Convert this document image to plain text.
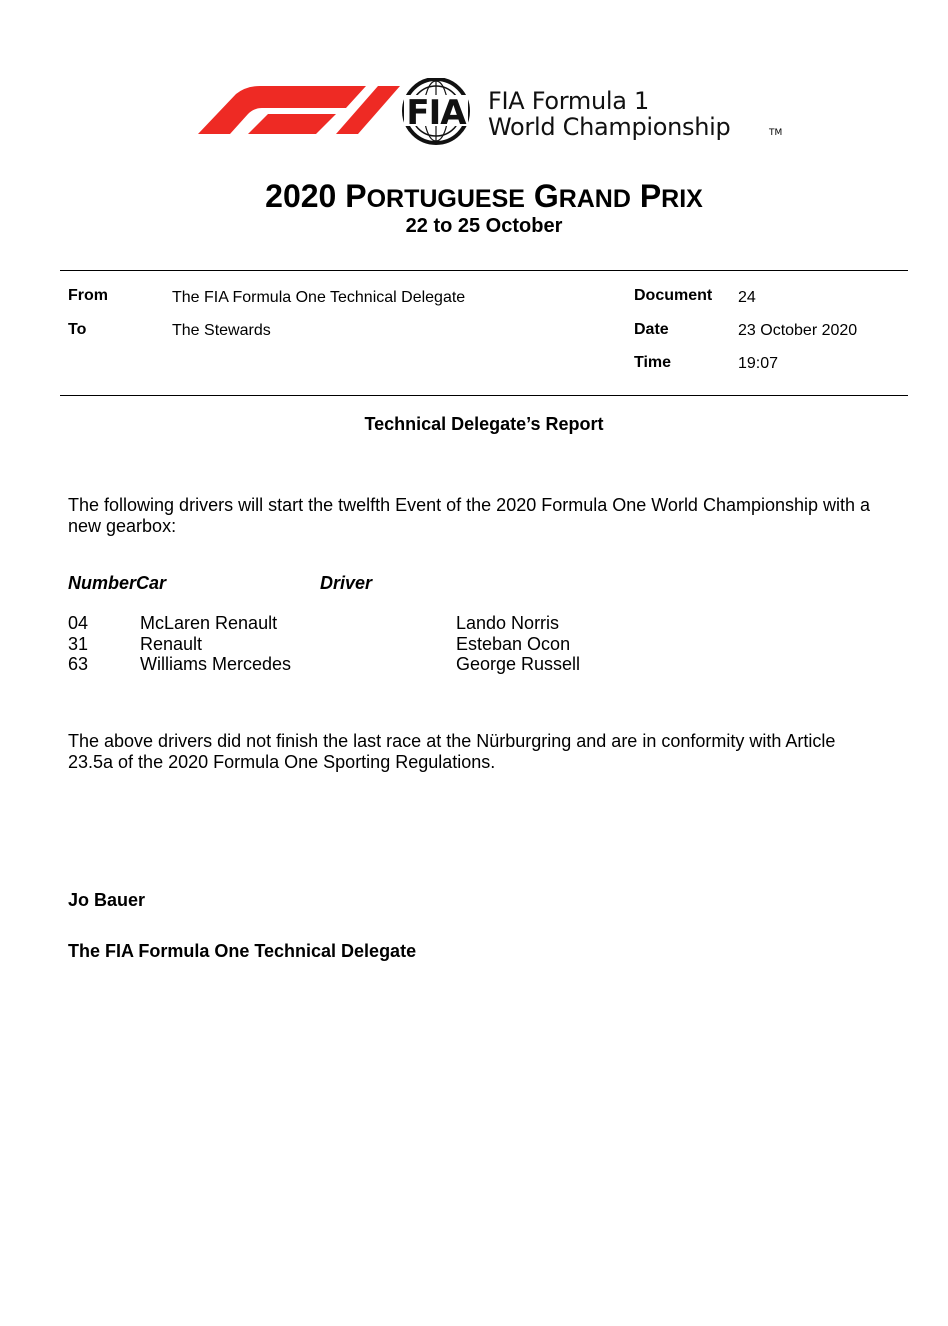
FIA FIA Formula 1
World Championship	TM
2020 PORTUGUESE GRAND PRIX
22 to 25 October
From	The FIA Formula One Technical Delegate
To	The Stewards
Document 24
Date	23 October 2020
Time	19:07
Technical Delegate’s Report
The following drivers will start the twelfth Event of the 2020 Formula One World Championship with a
new gearbox:
NumberCar	Driver
04	McLaren Renault	Lando Norris
31	Renault	Esteban Ocon
63	Williams Mercedes	George Russell
The above drivers did not finish the last race at the Nürburgring and are in conformity with Article
23.5a of the 2020 Formula One Sporting Regulations.
Jo Bauer
The FIA Formula One Technical Delegate
